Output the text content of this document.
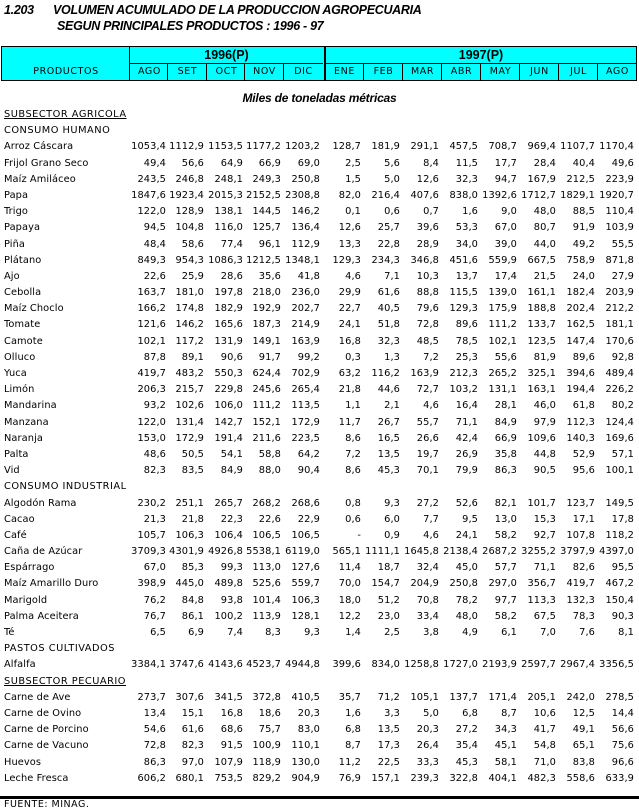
1.203 VOLUMEN ACUMULADO DE LA PRODUCCION AGROPECUARIA
SEGUN PRINCIPALES PRODUCTOS : 1996 - 97
PRODUCTOS
1996(P)
AGO	SET	OCT	NOV	DIC
1997(P)
ENE	FEB	MAR	ABR	MAY	JUN	JUL	AGO
Miles de toneladas métricas
SUBSECTOR AGRICOLA
CONSUMO HUMANO
Arroz Cáscara	1053,4 1112,9 1153,5 1177,2 1203,2	128,7	181,9	291,1	457,5	708,7	969,4 1107,7 1170,4
Frijol Grano Seco	49,4	56,6	64,9	66,9	69,0	2,5	5,6	8,4	11,5	17,7	28,4	40,4	49,6
Maíz Amiláceo	243,5 246,8	248,1 249,3	250,8	1,5	5,0	12,6	32,3	94,7	167,9	212,5	223,9
Papa	1847,6 1923,4 2015,3 2152,5 2308,8	82,0	216,4	407,6	838,0 1392,6 1712,7 1829,1 1920,7
Trigo	122,0 128,9	138,1 144,5	146,2	0,1	0,6	0,7	1,6	9,0	48,0	88,5	110,4
Papaya	94,5 104,8	116,0 125,7	136,4	12,6	25,7	39,6	53,3	67,0	80,7	91,9	103,9
Piña	48,4	58,6	77,4	96,1	112,9	13,3	22,8	28,9	34,0	39,0	44,0	49,2	55,5
Plátano	849,3 954,3 1086,3 1212,5 1348,1	129,3	234,3	346,8	451,6	559,9	667,5	758,9	871,8
Ajo	22,6	25,9	28,6	35,6	41,8	4,6	7,1	10,3	13,7	17,4	21,5	24,0	27,9
Cebolla	163,7 181,0	197,8 218,0	236,0	29,9	61,6	88,8	115,5	139,0	161,1	182,4	203,9
Maíz Choclo	166,2 174,8	182,9 192,9	202,7	22,7	40,5	79,6	129,3	175,9	188,8	202,4	212,2
Tomate	121,6 146,2	165,6 187,3	214,9	24,1	51,8	72,8	89,6	111,2	133,7	162,5	181,1
Camote	102,1 117,2	131,9 149,1	163,9	16,8	32,3	48,5	78,5	102,1	123,5	147,4	170,6
Olluco	87,8	89,1	90,6	91,7	99,2	0,3	1,3	7,2	25,3	55,6	81,9	89,6	92,8
Yuca	419,7 483,2	550,3 624,4	702,9	63,2	116,2	163,9	212,3	265,2	325,1	394,6	489,4
Limón	206,3 215,7	229,8 245,6	265,4	21,8	44,6	72,7	103,2	131,1	163,1	194,4	226,2
Mandarina	93,2 102,6	106,0 111,2	113,5	1,1	2,1	4,6	16,4	28,1	46,0	61,8	80,2
Manzana	122,0 131,4	142,7 152,1	172,9	11,7	26,7	55,7	71,1	84,9	97,9	112,3	124,4
Naranja	153,0 172,9	191,4 211,6	223,5	8,6	16,5	26,6	42,4	66,9	109,6	140,3	169,6
Palta	48,6	50,5	54,1	58,8	64,2	7,2	13,5	19,7	26,9	35,8	44,8	52,9	57,1
Vid	82,3	83,5	84,9	88,0	90,4	8,6	45,3	70,1	79,9	86,3	90,5	95,6	100,1
CONSUMO INDUSTRIAL
Algodón Rama	230,2 251,1	265,7 268,2	268,6	0,8	9,3	27,2	52,6	82,1	101,7	123,7	149,5
Cacao	21,3	21,8	22,3	22,6	22,9	0,6	6,0	7,7	9,5	13,0	15,3	17,1	17,8
Café	105,7 106,3	106,4 106,5	106,5	-	0,9	4,6	24,1	58,2	92,7	107,8	118,2
Caña de Azúcar	3709,3 4301,9 4926,8 5538,1 6119,0	565,1 1111,1 1645,8 2138,4 2687,2 3255,2 3797,9 4397,0
Espárrago	67,0	85,3	99,3 113,0	127,6	11,4	18,7	32,4	45,0	57,7	71,1	82,6	95,5
Maíz Amarillo Duro	398,9 445,0	489,8 525,6	559,7	70,0	154,7	204,9	250,8	297,0	356,7	419,7	467,2
Marigold	76,2	84,8	93,8 101,4	106,3	18,0	51,2	70,8	78,2	97,7	113,3	132,3	150,4
Palma Aceitera	76,7	86,1	100,2 113,9	128,1	12,2	23,0	33,4	48,0	58,2	67,5	78,3	90,3
Té	6,5	6,9	7,4	8,3	9,3	1,4	2,5	3,8	4,9	6,1	7,0	7,6	8,1
PASTOS CULTIVADOS
Alfalfa	3384,1 3747,6 4143,6 4523,7 4944,8	399,6	834,0 1258,8 1727,0 2193,9 2597,7 2967,4 3356,5
SUBSECTOR PECUARIO
Carne de Ave	273,7 307,6	341,5 372,8	410,5	35,7	71,2	105,1	137,7	171,4	205,1	242,0	278,5
Carne de Ovino	13,4	15,1	16,8	18,6	20,3	1,6	3,3	5,0	6,8	8,7	10,6	12,5	14,4
Carne de Porcino	54,6	61,6	68,6	75,7	83,0	6,8	13,5	20,3	27,2	34,3	41,7	49,1	56,6
Carne de Vacuno	72,8	82,3	91,5 100,9	110,1	8,7	17,3	26,4	35,4	45,1	54,8	65,1	75,6
Huevos	86,3	97,0	107,9 118,9	130,0	11,2	22,5	33,3	45,3	58,1	71,0	83,8	96,6
Leche Fresca	606,2 680,1	753,5 829,2	904,9	76,9	157,1	239,3	322,8	404,1	482,3	558,6	633,9
FUENTE: MINAG.
